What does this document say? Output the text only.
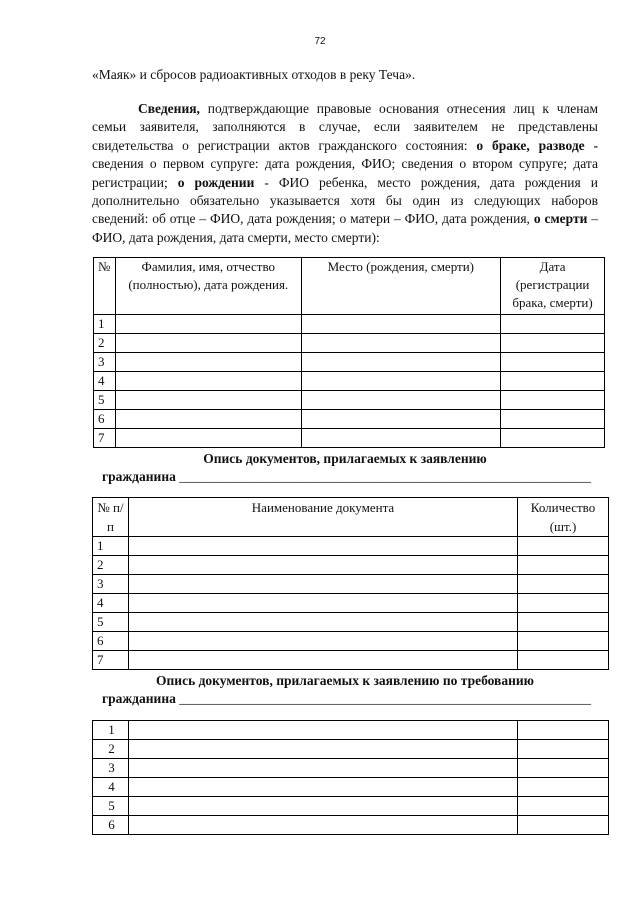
72
«Маяк» и сбросов радиоактивных отходов в реку Теча».

Сведения, подтверждающие правовые основания отнесения лиц к членам семьи заявителя, заполняются в случае, если заявителем не представлены свидетельства о регистрации актов гражданского состояния: о браке, разводе - сведения о первом супруге: дата рождения, ФИО; сведения о втором супруге; дата регистрации; о рождении - ФИО ребенка, место рождения, дата рождения и дополнительно обязательно указывается хотя бы один из следующих наборов сведений: об отце – ФИО, дата рождения; о матери – ФИО, дата рождения, о смерти – ФИО, дата рождения, дата смерти, место смерти):

№	Фамилия, имя, отчество (полностью), дата рождения.	Место (рождения, смерти)	Дата (регистрации брака, смерти)
1			
2			
3			
4			
5			
6			
7			
Опись документов, прилагаемых к заявлению
гражданина _____________________________________________________________
№ п/п	Наименование документа	Количество (шт.)
1		
2		
3		
4		
5		
6		
7		
Опись документов, прилагаемых к заявлению по требованию
гражданина _____________________________________________________________
1		
2		
3		
4		
5		
6		
